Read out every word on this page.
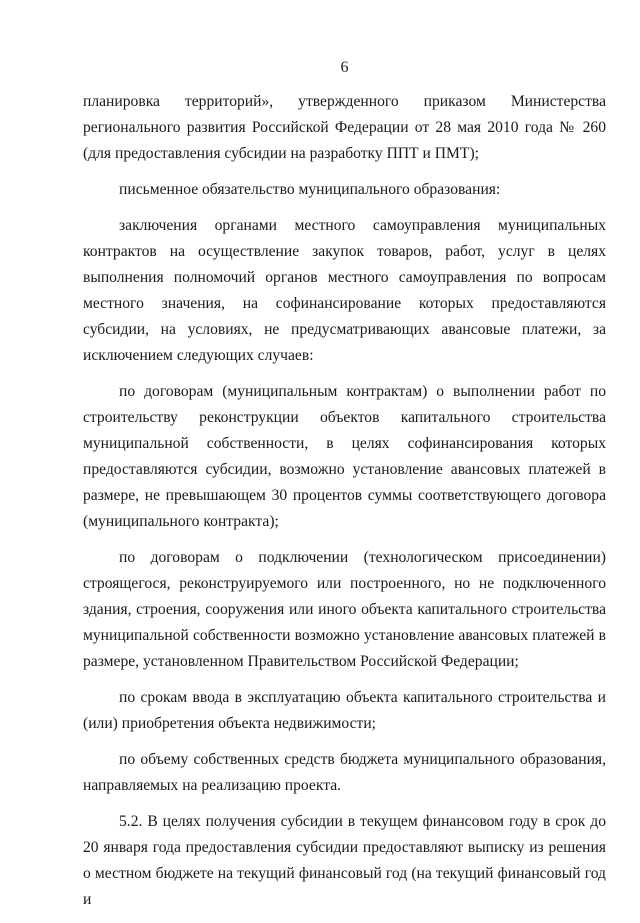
6

планировка территорий», утвержденного приказом Министерства регионального развития Российской Федерации от 28 мая 2010 года № 260 (для предоставления субсидии на разработку ППТ и ПМТ);

письменное обязательство муниципального образования:

заключения органами местного самоуправления муниципальных контрактов на осуществление закупок товаров, работ, услуг в целях выполнения полномочий органов местного самоуправления по вопросам местного значения, на софинансирование которых предоставляются субсидии, на условиях, не предусматривающих авансовые платежи, за исключением следующих случаев:

по договорам (муниципальным контрактам) о выполнении работ по строительству реконструкции объектов капитального строительства муниципальной собственности, в целях софинансирования которых предоставляются субсидии, возможно установление авансовых платежей в размере, не превышающем 30 процентов суммы соответствующего договора (муниципального контракта);

по договорам о подключении (технологическом присоединении) строящегося, реконструируемого или построенного, но не подключенного здания, строения, сооружения или иного объекта капитального строительства муниципальной собственности возможно установление авансовых платежей в размере, установленном Правительством Российской Федерации;

по срокам ввода в эксплуатацию объекта капитального строительства и (или) приобретения объекта недвижимости;

по объему собственных средств бюджета муниципального образования, направляемых на реализацию проекта.

5.2. В целях получения субсидии в текущем финансовом году в срок до 20 января года предоставления субсидии предоставляют выписку из решения о местном бюджете на текущий финансовый год (на текущий финансовый год и
